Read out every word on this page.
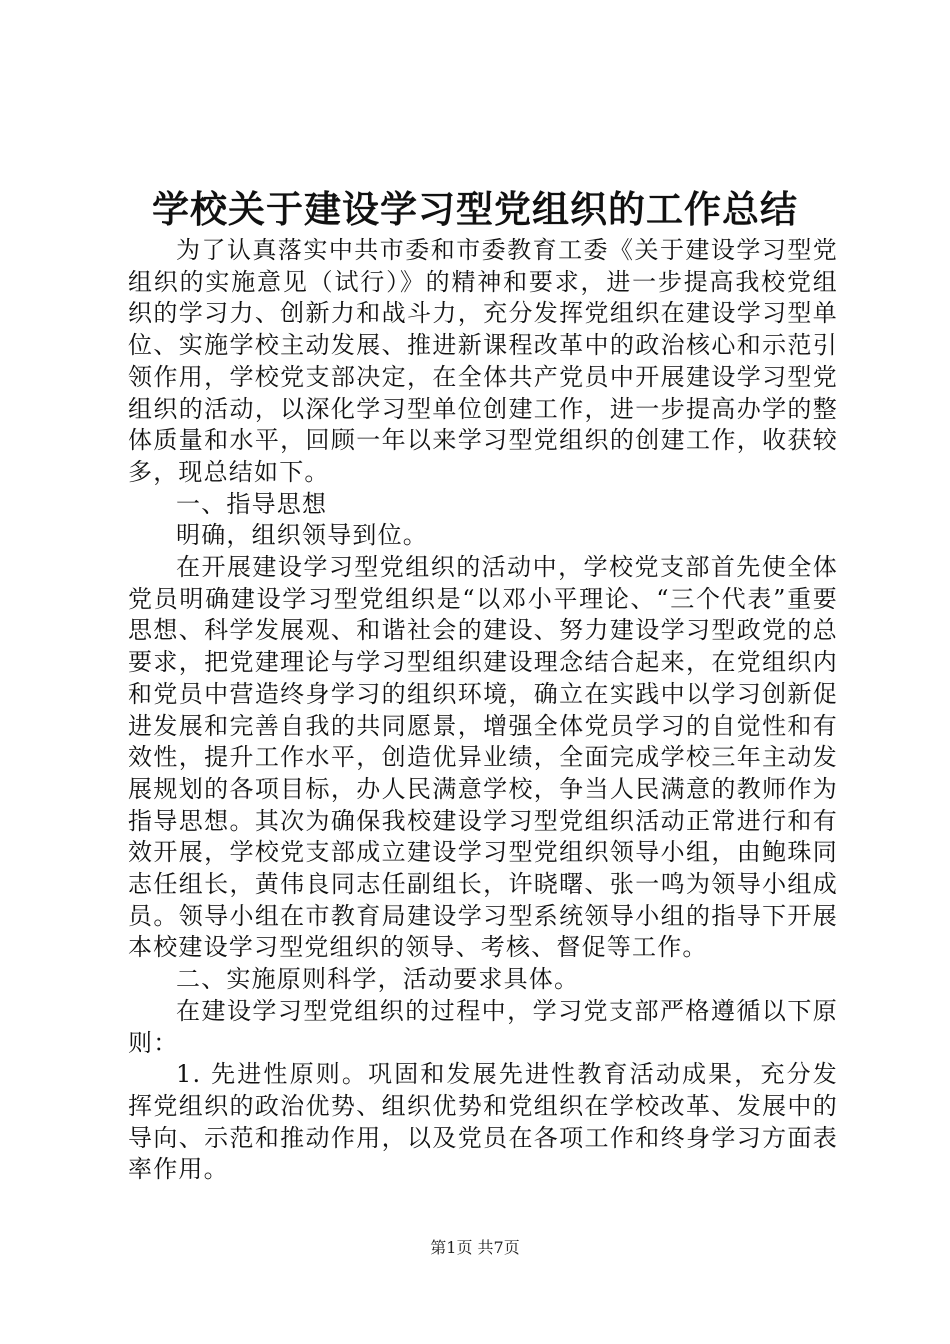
学校关于建设学习型党组织的工作总结

为了认真落实中共市委和市委教育工委《关于建设学习型党组织的实施意见（试行）》的精神和要求，进一步提高我校党组织的学习力、创新力和战斗力，充分发挥党组织在建设学习型单位、实施学校主动发展、推进新课程改革中的政治核心和示范引领作用，学校党支部决定，在全体共产党员中开展建设学习型党组织的活动，以深化学习型单位创建工作，进一步提高办学的整体质量和水平，回顾一年以来学习型党组织的创建工作，收获较多，现总结如下。

一、指导思想

明确，组织领导到位。

在开展建设学习型党组织的活动中，学校党支部首先使全体党员明确建设学习型党组织是“以邓小平理论、“三个代表”重要思想、科学发展观、和谐社会的建设、努力建设学习型政党的总要求，把党建理论与学习型组织建设理念结合起来，在党组织内和党员中营造终身学习的组织环境，确立在实践中以学习创新促进发展和完善自我的共同愿景，增强全体党员学习的自觉性和有效性，提升工作水平，创造优异业绩，全面完成学校三年主动发展规划的各项目标，办人民满意学校，争当人民满意的教师作为指导思想。其次为确保我校建设学习型党组织活动正常进行和有效开展，学校党支部成立建设学习型党组织领导小组，由鲍珠同志任组长，黄伟良同志任副组长，许晓曙、张一鸣为领导小组成员。领导小组在市教育局建设学习型系统领导小组的指导下开展本校建设学习型党组织的领导、考核、督促等工作。

二、实施原则科学，活动要求具体。

在建设学习型党组织的过程中，学习党支部严格遵循以下原则：

1. 先进性原则。巩固和发展先进性教育活动成果，充分发挥党组织的政治优势、组织优势和党组织在学校改革、发展中的导向、示范和推动作用，以及党员在各项工作和终身学习方面表率作用。

第1页 共7页
